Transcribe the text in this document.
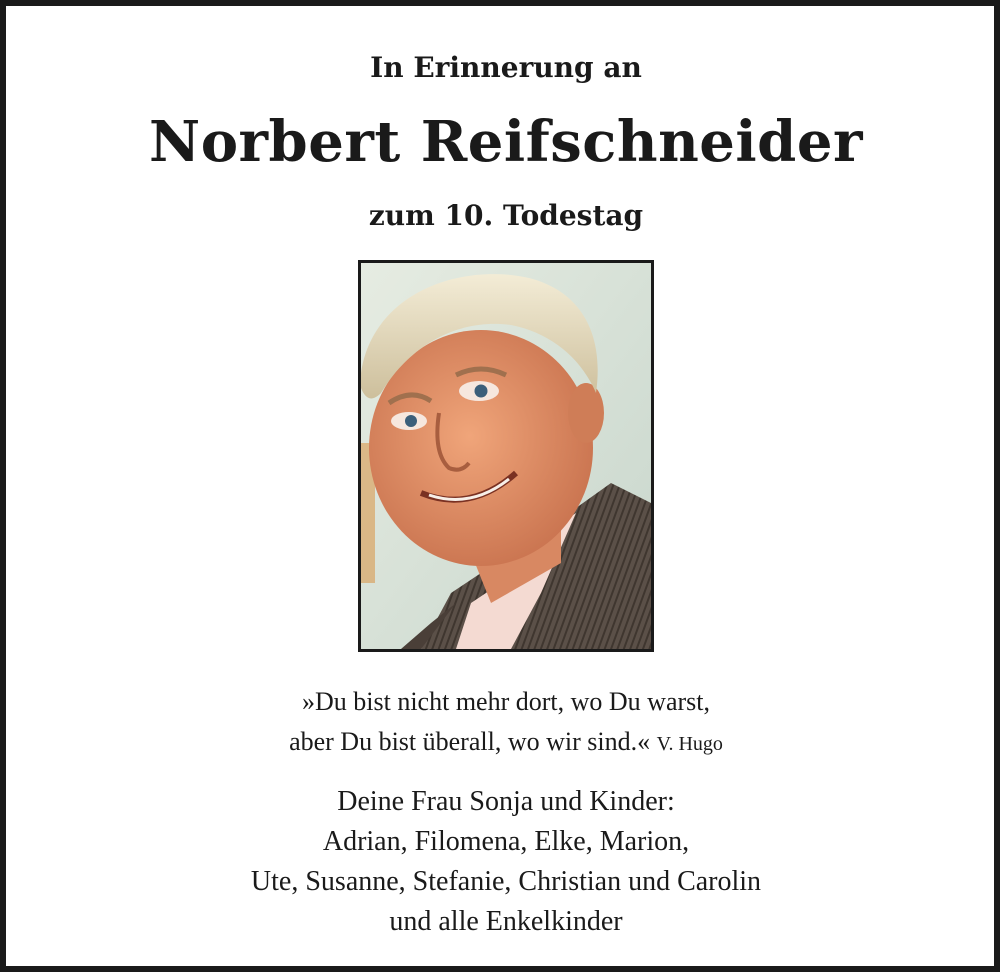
In Erinnerung an
Norbert Reifschneider
zum 10. Todestag
»Du bist nicht mehr dort, wo Du warst,
aber Du bist überall, wo wir sind.« V. Hugo
Deine Frau Sonja und Kinder:
Adrian, Filomena, Elke, Marion,
Ute, Susanne, Stefanie, Christian und Carolin
und alle Enkelkinder
